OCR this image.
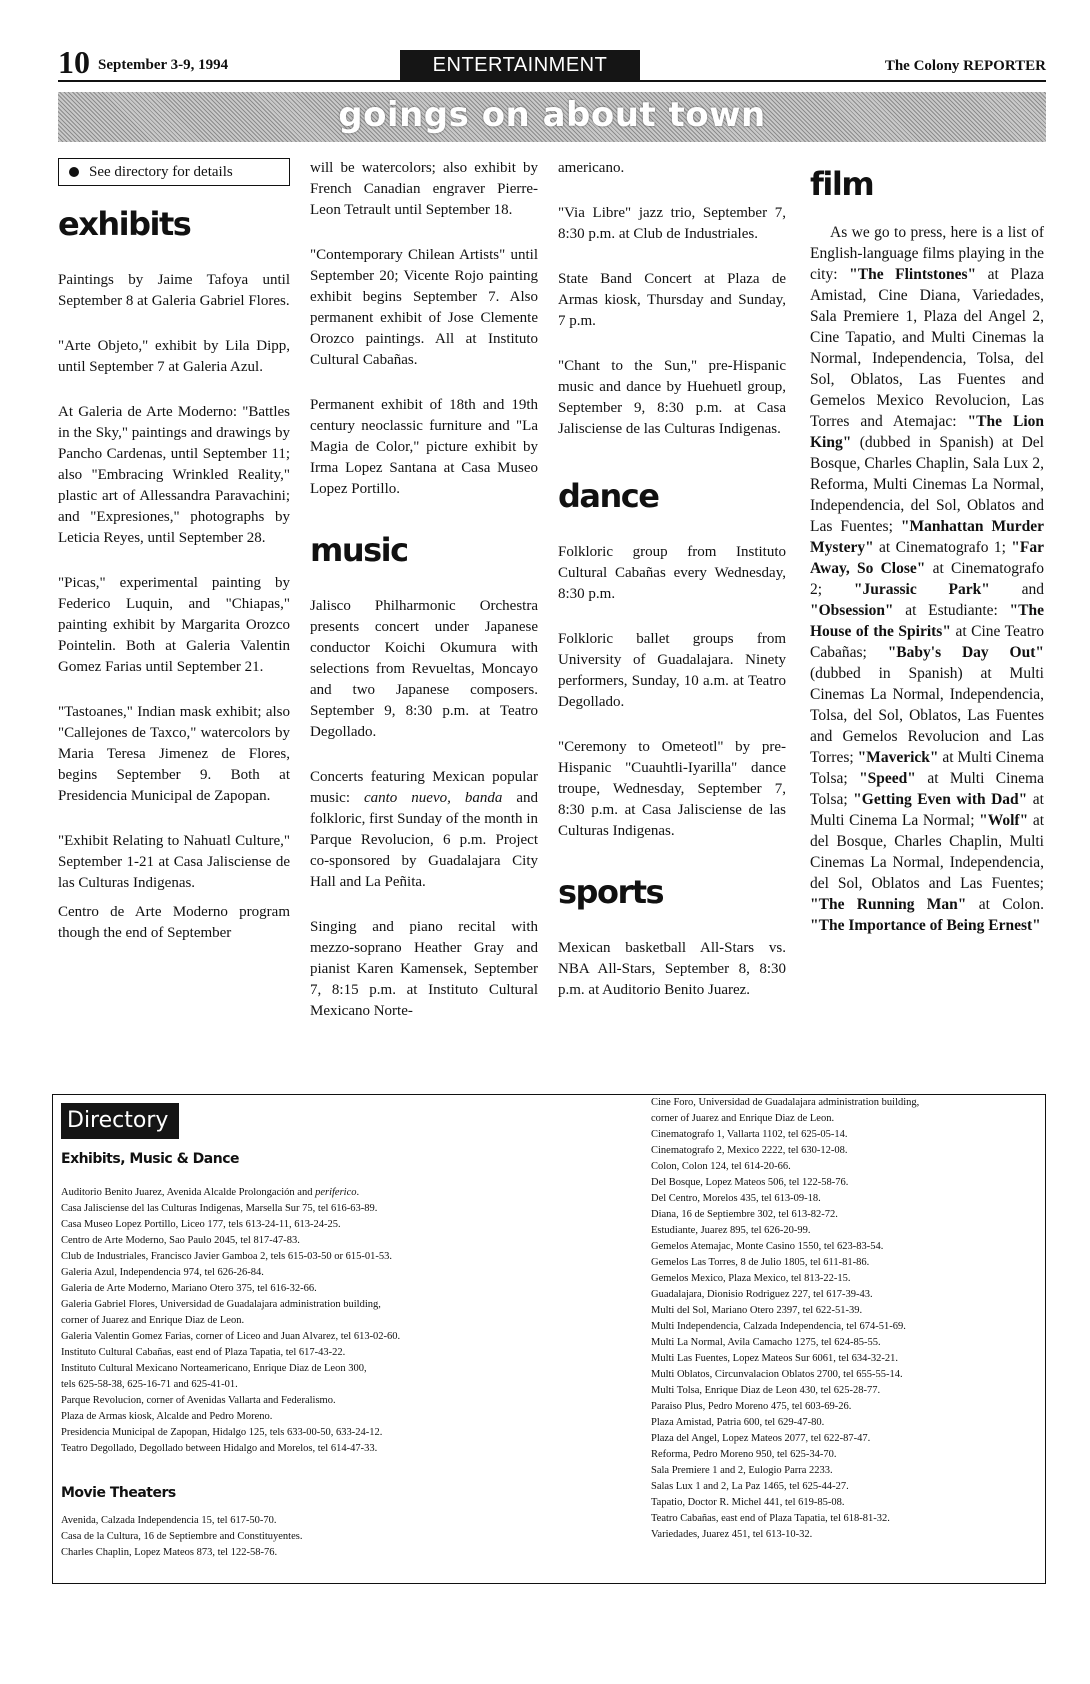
10 September 3-9, 1994	ENTERTAINMENT	The Colony REPORTER
goings on about town
See directory for details
exhibits

Paintings by Jaime Tafoya until September 8 at Galeria Gabriel Flores.

"Arte Objeto," exhibit by Lila Dipp, until September 7 at Galeria Azul.

At Galeria de Arte Moderno: "Battles in the Sky," paintings and drawings by Pancho Cardenas, until September 11; also "Embracing Wrinkled Reality," plastic art of Allessandra Paravachini; and "Expresiones," photographs by Leticia Reyes, until September 28.

"Picas," experimental painting by Federico Luquin, and "Chiapas," painting exhibit by Margarita Orozco Pointelin. Both at Galeria Valentin Gomez Farias until September 21.

"Tastoanes," Indian mask exhibit; also "Callejones de Taxco," watercolors by Maria Teresa Jimenez de Flores, begins September 9. Both at Presidencia Municipal de Zapopan.

"Exhibit Relating to Nahuatl Culture," September 1-21 at Casa Jalisciense de las Culturas Indigenas.

Centro de Arte Moderno program though the end of September

will be watercolors; also exhibit by French Canadian engraver Pierre-Leon Tetrault until September 18.

"Contemporary Chilean Artists" until September 20; Vicente Rojo painting exhibit begins September 7. Also permanent exhibit of Jose Clemente Orozco paintings. All at Instituto Cultural Cabañas.

Permanent exhibit of 18th and 19th century neoclassic furniture and "La Magia de Color," picture exhibit by Irma Lopez Santana at Casa Museo Lopez Portillo.

music

Jalisco Philharmonic Orchestra presents concert under Japanese conductor Koichi Okumura with selections from Revueltas, Moncayo and two Japanese composers. September 9, 8:30 p.m. at Teatro Degollado.

Concerts featuring Mexican popular music: canto nuevo, banda and folkloric, first Sunday of the month in Parque Revolucion, 6 p.m. Project co-sponsored by Guadalajara City Hall and La Peñita.

Singing and piano recital with mezzo-soprano Heather Gray and pianist Karen Kamensek, September 7, 8:15 p.m. at Instituto Cultural Mexicano Norte-

americano.

"Via Libre" jazz trio, September 7, 8:30 p.m. at Club de Industriales.

State Band Concert at Plaza de Armas kiosk, Thursday and Sunday, 7 p.m.

"Chant to the Sun," pre-Hispanic music and dance by Huehuetl group, September 9, 8:30 p.m. at Casa Jalisciense de las Culturas Indigenas.

dance

Folkloric group from Instituto Cultural Cabañas every Wednesday, 8:30 p.m.

Folkloric ballet groups from University of Guadalajara. Ninety performers, Sunday, 10 a.m. at Teatro Degollado.

"Ceremony to Ometeotl" by pre-Hispanic "Cuauhtli-Iyarilla" dance troupe, Wednesday, September 7, 8:30 p.m. at Casa Jalisciense de las Culturas Indigenas.

sports

Mexican basketball All-Stars vs. NBA All-Stars, September 8, 8:30 p.m. at Auditorio Benito Juarez.

film

As we go to press, here is a list of English-language films playing in the city: "The Flintstones" at Plaza Amistad, Cine Diana, Variedades, Sala Premiere 1, Plaza del Angel 2, Cine Tapatio, and Multi Cinemas la Normal, Independencia, Tolsa, del Sol, Oblatos, Las Fuentes and Gemelos Mexico Revolucion, Las Torres and Atemajac: "The Lion King" (dubbed in Spanish) at Del Bosque, Charles Chaplin, Sala Lux 2, Reforma, Multi Cinemas La Normal, Independencia, del Sol, Oblatos and Las Fuentes; "Manhattan Murder Mystery" at Cinematografo 1; "Far Away, So Close" at Cinematografo 2; "Jurassic Park" and "Obsession" at Estudiante: "The House of the Spirits" at Cine Teatro Cabañas; "Baby's Day Out" (dubbed in Spanish) at Multi Cinemas La Normal, Independencia, Tolsa, del Sol, Oblatos, Las Fuentes and Gemelos Revolucion and Las Torres; "Maverick" at Multi Cinema Tolsa; "Speed" at Multi Cinema Tolsa; "Getting Even with Dad" at Multi Cinema La Normal; "Wolf" at del Bosque, Charles Chaplin, Multi Cinemas La Normal, Independencia, del Sol, Oblatos and Las Fuentes; "The Running Man" at Colon. "The Importance of Being Ernest"

Directory
Exhibits, Music & Dance
Auditorio Benito Juarez, Avenida Alcalde Prolongación and periferico.
Casa Jalisciense del las Culturas Indigenas, Marsella Sur 75, tel 616-63-89.
Casa Museo Lopez Portillo, Liceo 177, tels 613-24-11, 613-24-25.
Centro de Arte Moderno, Sao Paulo 2045, tel 817-47-83.
Club de Industriales, Francisco Javier Gamboa 2, tels 615-03-50 or 615-01-53.
Galeria Azul, Independencia 974, tel 626-26-84.
Galeria de Arte Moderno, Mariano Otero 375, tel 616-32-66.
Galeria Gabriel Flores, Universidad de Guadalajara administration building,
corner of Juarez and Enrique Diaz de Leon.
Galeria Valentin Gomez Farias, corner of Liceo and Juan Alvarez, tel 613-02-60.
Instituto Cultural Cabañas, east end of Plaza Tapatia, tel 617-43-22.
Instituto Cultural Mexicano Norteamericano, Enrique Diaz de Leon 300,
tels 625-58-38, 625-16-71 and 625-41-01.
Parque Revolucion, corner of Avenidas Vallarta and Federalismo.
Plaza de Armas kiosk, Alcalde and Pedro Moreno.
Presidencia Municipal de Zapopan, Hidalgo 125, tels 633-00-50, 633-24-12.
Teatro Degollado, Degollado between Hidalgo and Morelos, tel 614-47-33.
Movie Theaters
Avenida, Calzada Independencia 15, tel 617-50-70.
Casa de la Cultura, 16 de Septiembre and Constituyentes.
Charles Chaplin, Lopez Mateos 873, tel 122-58-76.
Cine Foro, Universidad de Guadalajara administration building,
corner of Juarez and Enrique Diaz de Leon.
Cinematografo 1, Vallarta 1102, tel 625-05-14.
Cinematografo 2, Mexico 2222, tel 630-12-08.
Colon, Colon 124, tel 614-20-66.
Del Bosque, Lopez Mateos 506, tel 122-58-76.
Del Centro, Morelos 435, tel 613-09-18.
Diana, 16 de Septiembre 302, tel 613-82-72.
Estudiante, Juarez 895, tel 626-20-99.
Gemelos Atemajac, Monte Casino 1550, tel 623-83-54.
Gemelos Las Torres, 8 de Julio 1805, tel 611-81-86.
Gemelos Mexico, Plaza Mexico, tel 813-22-15.
Guadalajara, Dionisio Rodriguez 227, tel 617-39-43.
Multi del Sol, Mariano Otero 2397, tel 622-51-39.
Multi Independencia, Calzada Independencia, tel 674-51-69.
Multi La Normal, Avila Camacho 1275, tel 624-85-55.
Multi Las Fuentes, Lopez Mateos Sur 6061, tel 634-32-21.
Multi Oblatos, Circunvalacion Oblatos 2700, tel 655-55-14.
Multi Tolsa, Enrique Diaz de Leon 430, tel 625-28-77.
Paraiso Plus, Pedro Moreno 475, tel 603-69-26.
Plaza Amistad, Patria 600, tel 629-47-80.
Plaza del Angel, Lopez Mateos 2077, tel 622-87-47.
Reforma, Pedro Moreno 950, tel 625-34-70.
Sala Premiere 1 and 2, Eulogio Parra 2233.
Salas Lux 1 and 2, La Paz 1465, tel 625-44-27.
Tapatio, Doctor R. Michel 441, tel 619-85-08.
Teatro Cabañas, east end of Plaza Tapatia, tel 618-81-32.
Variedades, Juarez 451, tel 613-10-32.
